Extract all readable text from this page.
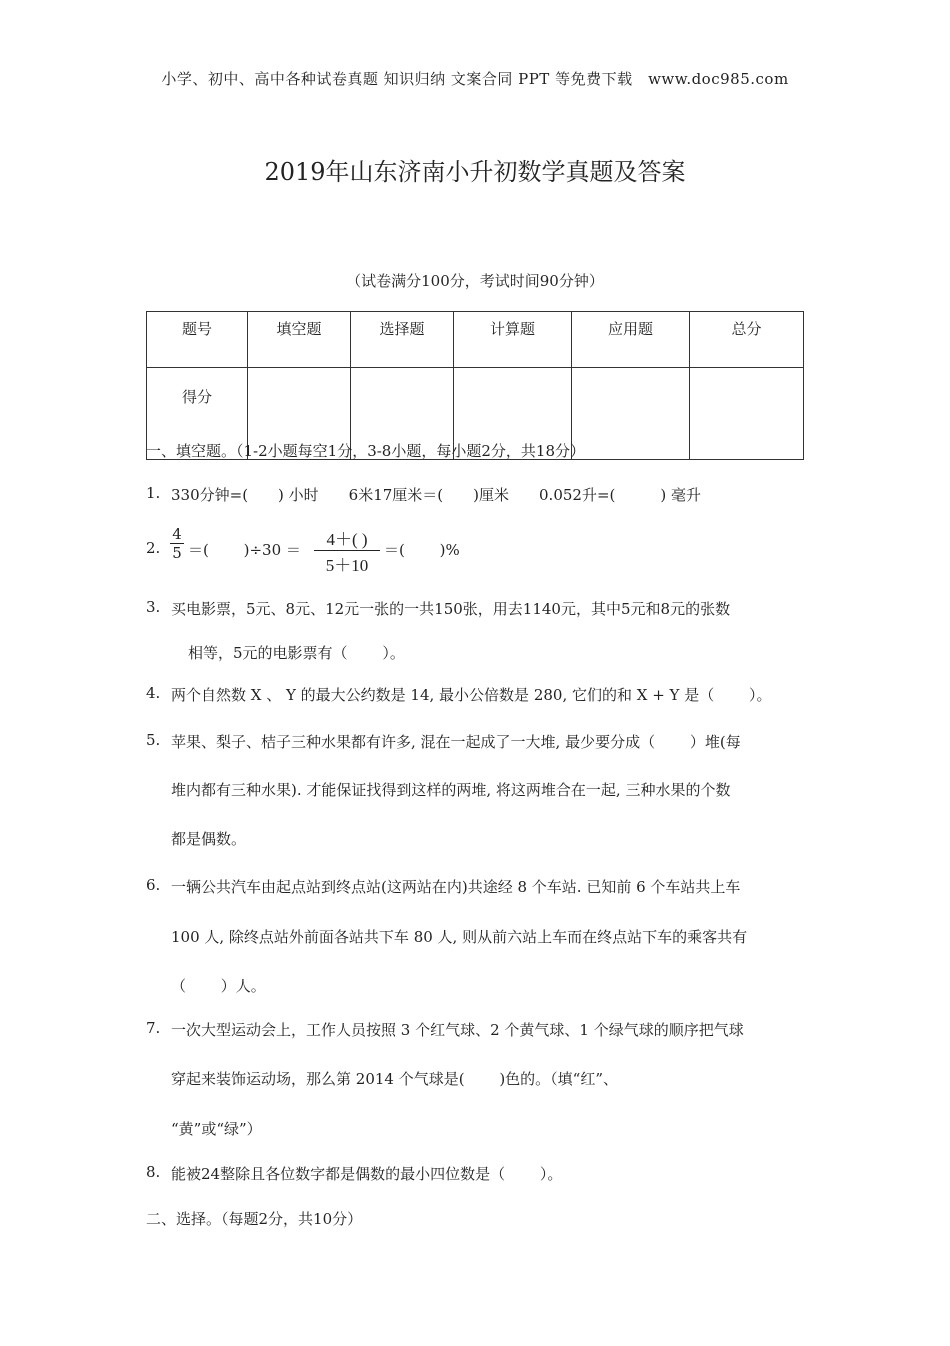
小学、初中、高中各种试卷真题 知识归纳 文案合同 PPT 等免费下载　www.doc985.com
2019年山东济南小升初数学真题及答案
（试卷满分100分，考试时间90分钟）
题号	填空题	选择题	计算题	应用题	总分
得分					
一、填空题。（1-2小题每空1分，3-8小题，每小题2分，共18分）
1. 330分钟=(　　) 小时　　6米17厘米＝(　　)厘米　　0.052升=(　　　) 毫升
2.
4
5 ＝(　　 )÷30 ＝
4＋( )
5＋10
＝(　　 )%
3. 买电影票，5元、8元、12元一张的一共150张，用去1140元，其中5元和8元的张数
相等，5元的电影票有（　　 ）。
4. 两个自然数 X 、 Y 的最大公约数是 14, 最小公倍数是 280, 它们的和 X + Y 是（　　 ）。
5. 苹果、梨子、桔子三种水果都有许多, 混在一起成了一大堆, 最少要分成（　　 ）堆(每
堆内都有三种水果). 才能保证找得到这样的两堆, 将这两堆合在一起, 三种水果的个数
都是偶数。
6. 一辆公共汽车由起点站到终点站(这两站在内)共途经 8 个车站. 已知前 6 个车站共上车
100 人, 除终点站外前面各站共下车 80 人, 则从前六站上车而在终点站下车的乘客共有
（　　 ）人。
7. 一次大型运动会上，工作人员按照 3 个红气球、2 个黄气球、1 个绿气球的顺序把气球
穿起来装饰运动场，那么第 2014 个气球是(　　 )色的。（填“红”、
“黄”或“绿”）
8. 能被24整除且各位数字都是偶数的最小四位数是（　　 ）。
二、选择。（每题2分，共10分）
